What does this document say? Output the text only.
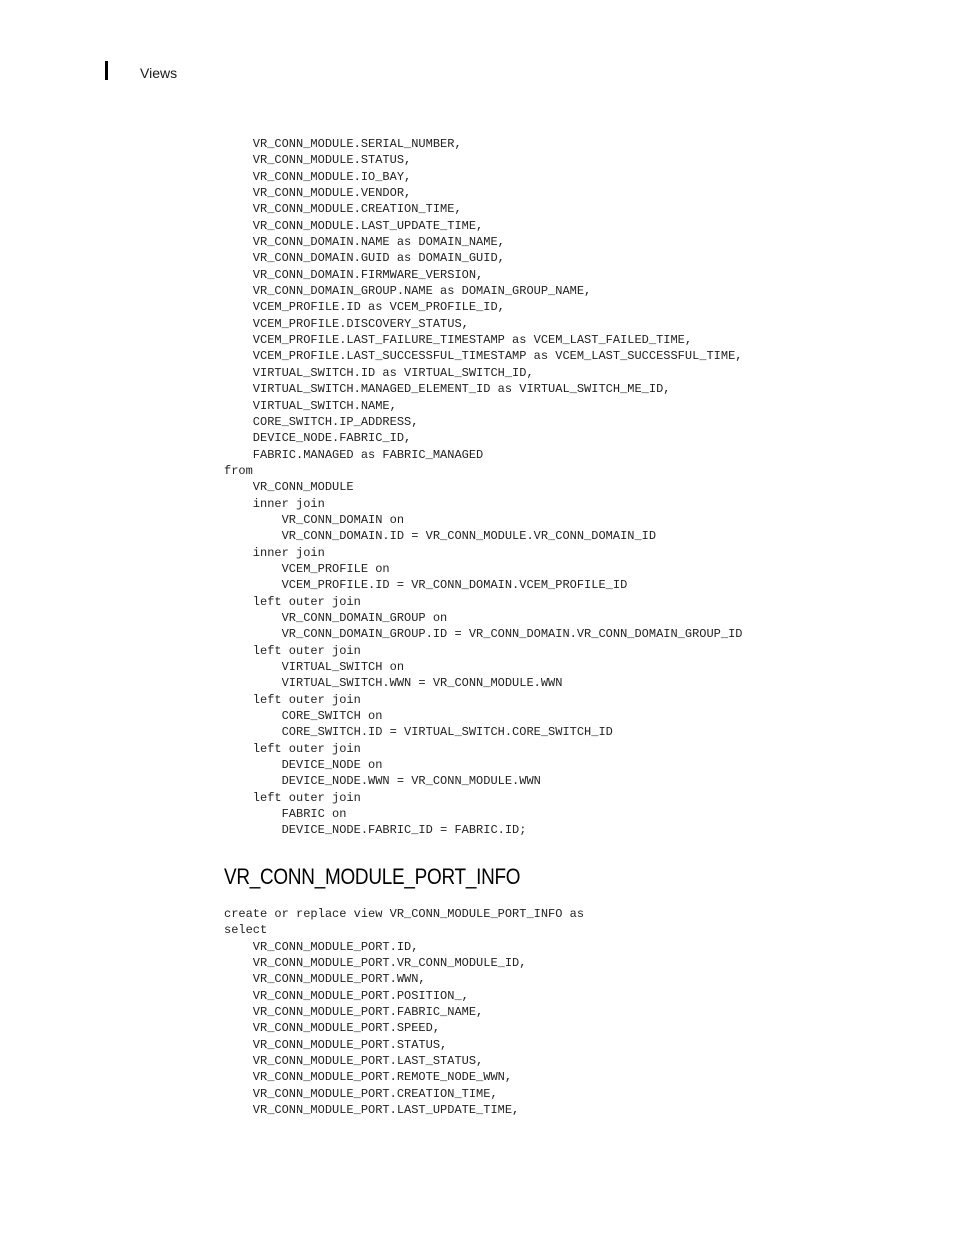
Views
VR_CONN_MODULE.SERIAL_NUMBER,
VR_CONN_MODULE.STATUS,
VR_CONN_MODULE.IO_BAY,
VR_CONN_MODULE.VENDOR,
VR_CONN_MODULE.CREATION_TIME,
VR_CONN_MODULE.LAST_UPDATE_TIME,
VR_CONN_DOMAIN.NAME as DOMAIN_NAME,
VR_CONN_DOMAIN.GUID as DOMAIN_GUID,
VR_CONN_DOMAIN.FIRMWARE_VERSION,
VR_CONN_DOMAIN_GROUP.NAME as DOMAIN_GROUP_NAME,
VCEM_PROFILE.ID as VCEM_PROFILE_ID,
VCEM_PROFILE.DISCOVERY_STATUS,
VCEM_PROFILE.LAST_FAILURE_TIMESTAMP as VCEM_LAST_FAILED_TIME,
VCEM_PROFILE.LAST_SUCCESSFUL_TIMESTAMP as VCEM_LAST_SUCCESSFUL_TIME,
VIRTUAL_SWITCH.ID as VIRTUAL_SWITCH_ID,
VIRTUAL_SWITCH.MANAGED_ELEMENT_ID as VIRTUAL_SWITCH_ME_ID,
VIRTUAL_SWITCH.NAME,
CORE_SWITCH.IP_ADDRESS,
DEVICE_NODE.FABRIC_ID,
FABRIC.MANAGED as FABRIC_MANAGED
from
VR_CONN_MODULE
inner join
VR_CONN_DOMAIN on
VR_CONN_DOMAIN.ID = VR_CONN_MODULE.VR_CONN_DOMAIN_ID
inner join
VCEM_PROFILE on
VCEM_PROFILE.ID = VR_CONN_DOMAIN.VCEM_PROFILE_ID
left outer join
VR_CONN_DOMAIN_GROUP on
VR_CONN_DOMAIN_GROUP.ID = VR_CONN_DOMAIN.VR_CONN_DOMAIN_GROUP_ID
left outer join
VIRTUAL_SWITCH on
VIRTUAL_SWITCH.WWN = VR_CONN_MODULE.WWN
left outer join
CORE_SWITCH on
CORE_SWITCH.ID = VIRTUAL_SWITCH.CORE_SWITCH_ID
left outer join
DEVICE_NODE on
DEVICE_NODE.WWN = VR_CONN_MODULE.WWN
left outer join
FABRIC on
DEVICE_NODE.FABRIC_ID = FABRIC.ID;
VR_CONN_MODULE_PORT_INFO
create or replace view VR_CONN_MODULE_PORT_INFO as
select
VR_CONN_MODULE_PORT.ID,
VR_CONN_MODULE_PORT.VR_CONN_MODULE_ID,
VR_CONN_MODULE_PORT.WWN,
VR_CONN_MODULE_PORT.POSITION_,
VR_CONN_MODULE_PORT.FABRIC_NAME,
VR_CONN_MODULE_PORT.SPEED,
VR_CONN_MODULE_PORT.STATUS,
VR_CONN_MODULE_PORT.LAST_STATUS,
VR_CONN_MODULE_PORT.REMOTE_NODE_WWN,
VR_CONN_MODULE_PORT.CREATION_TIME,
VR_CONN_MODULE_PORT.LAST_UPDATE_TIME,
